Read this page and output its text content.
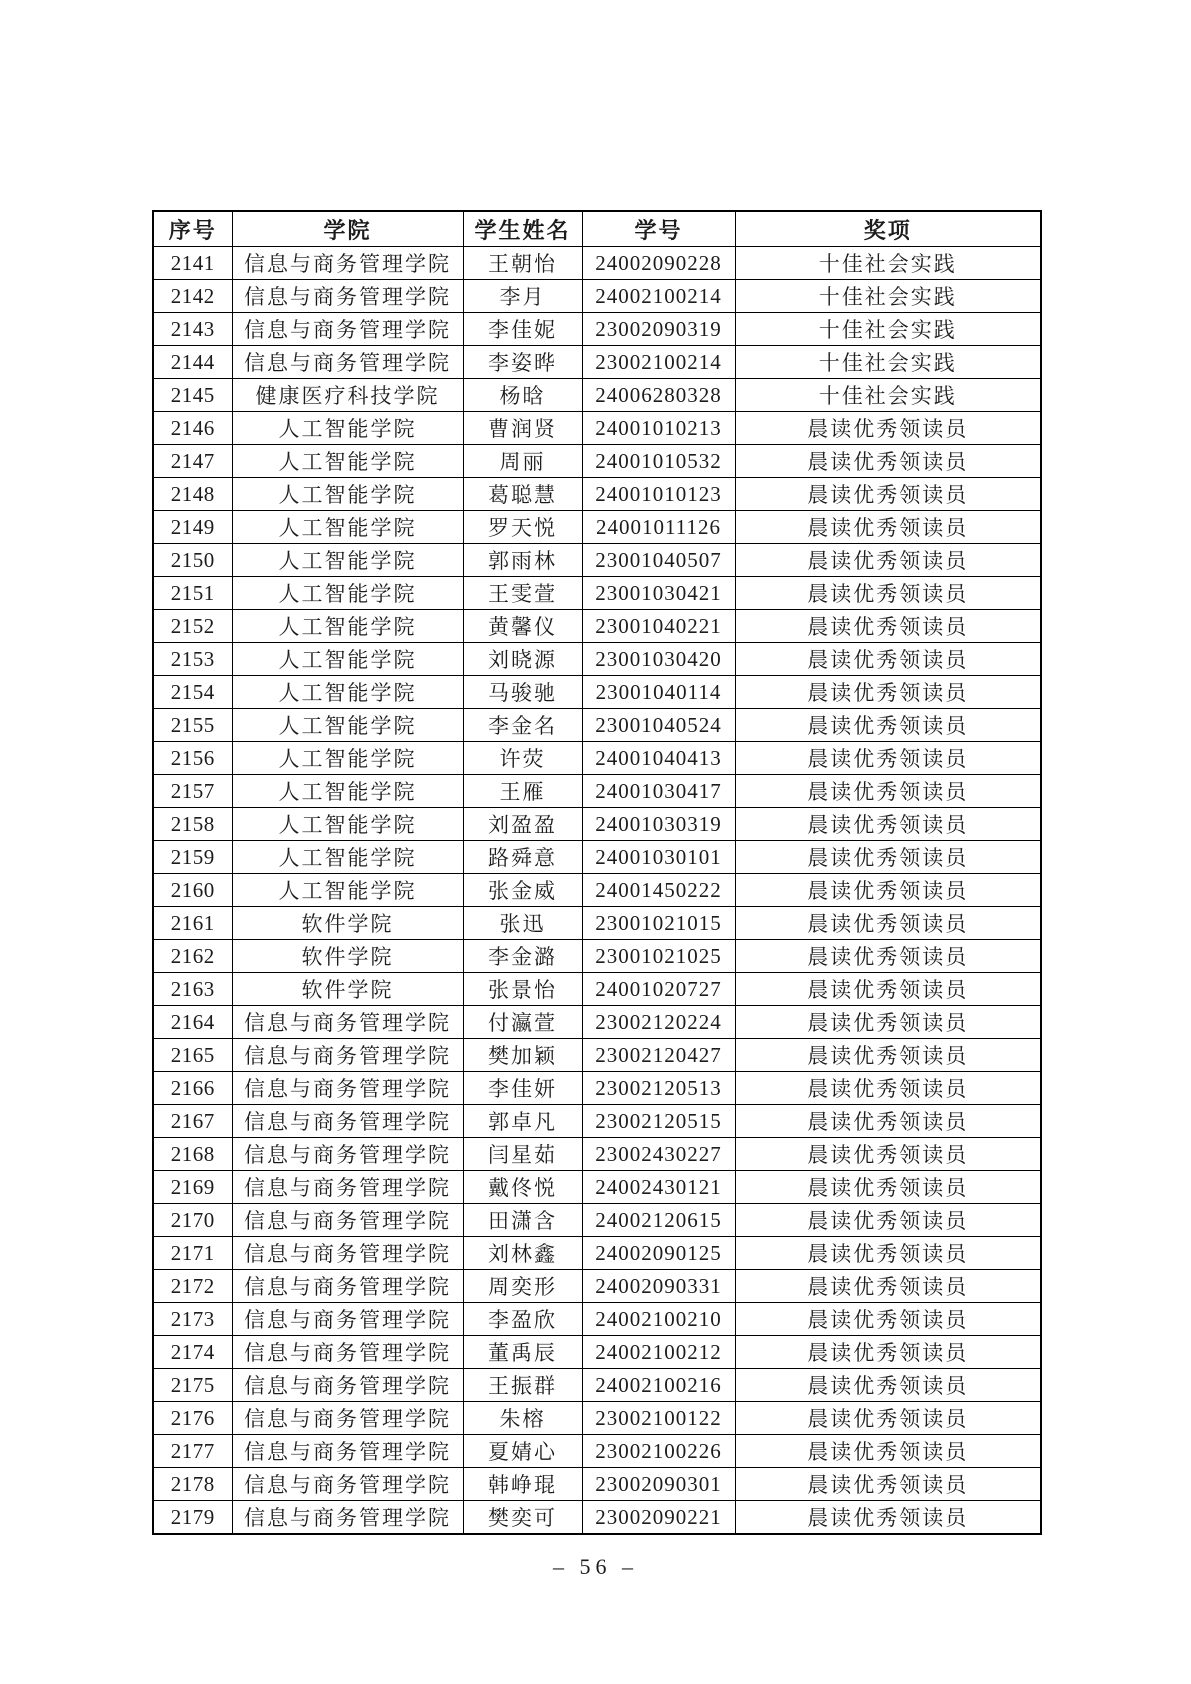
序号	学院	学生姓名	学号	奖项
2141	信息与商务管理学院	王朝怡	24002090228	十佳社会实践
2142	信息与商务管理学院	李月	24002100214	十佳社会实践
2143	信息与商务管理学院	李佳妮	23002090319	十佳社会实践
2144	信息与商务管理学院	李姿晔	23002100214	十佳社会实践
2145	健康医疗科技学院	杨晗	24006280328	十佳社会实践
2146	人工智能学院	曹润贤	24001010213	晨读优秀领读员
2147	人工智能学院	周丽	24001010532	晨读优秀领读员
2148	人工智能学院	葛聪慧	24001010123	晨读优秀领读员
2149	人工智能学院	罗天悦	24001011126	晨读优秀领读员
2150	人工智能学院	郭雨林	23001040507	晨读优秀领读员
2151	人工智能学院	王雯萱	23001030421	晨读优秀领读员
2152	人工智能学院	黄馨仪	23001040221	晨读优秀领读员
2153	人工智能学院	刘晓源	23001030420	晨读优秀领读员
2154	人工智能学院	马骏驰	23001040114	晨读优秀领读员
2155	人工智能学院	李金名	23001040524	晨读优秀领读员
2156	人工智能学院	许荧	24001040413	晨读优秀领读员
2157	人工智能学院	王雁	24001030417	晨读优秀领读员
2158	人工智能学院	刘盈盈	24001030319	晨读优秀领读员
2159	人工智能学院	路舜意	24001030101	晨读优秀领读员
2160	人工智能学院	张金威	24001450222	晨读优秀领读员
2161	软件学院	张迅	23001021015	晨读优秀领读员
2162	软件学院	李金潞	23001021025	晨读优秀领读员
2163	软件学院	张景怡	24001020727	晨读优秀领读员
2164	信息与商务管理学院	付瀛萱	23002120224	晨读优秀领读员
2165	信息与商务管理学院	樊加颖	23002120427	晨读优秀领读员
2166	信息与商务管理学院	李佳妍	23002120513	晨读优秀领读员
2167	信息与商务管理学院	郭卓凡	23002120515	晨读优秀领读员
2168	信息与商务管理学院	闫星茹	23002430227	晨读优秀领读员
2169	信息与商务管理学院	戴佟悦	24002430121	晨读优秀领读员
2170	信息与商务管理学院	田潇含	24002120615	晨读优秀领读员
2171	信息与商务管理学院	刘林鑫	24002090125	晨读优秀领读员
2172	信息与商务管理学院	周奕形	24002090331	晨读优秀领读员
2173	信息与商务管理学院	李盈欣	24002100210	晨读优秀领读员
2174	信息与商务管理学院	董禹辰	24002100212	晨读优秀领读员
2175	信息与商务管理学院	王振群	24002100216	晨读优秀领读员
2176	信息与商务管理学院	朱榕	23002100122	晨读优秀领读员
2177	信息与商务管理学院	夏婧心	23002100226	晨读优秀领读员
2178	信息与商务管理学院	韩峥琨	23002090301	晨读优秀领读员
2179	信息与商务管理学院	樊奕可	23002090221	晨读优秀领读员
– 56 –
